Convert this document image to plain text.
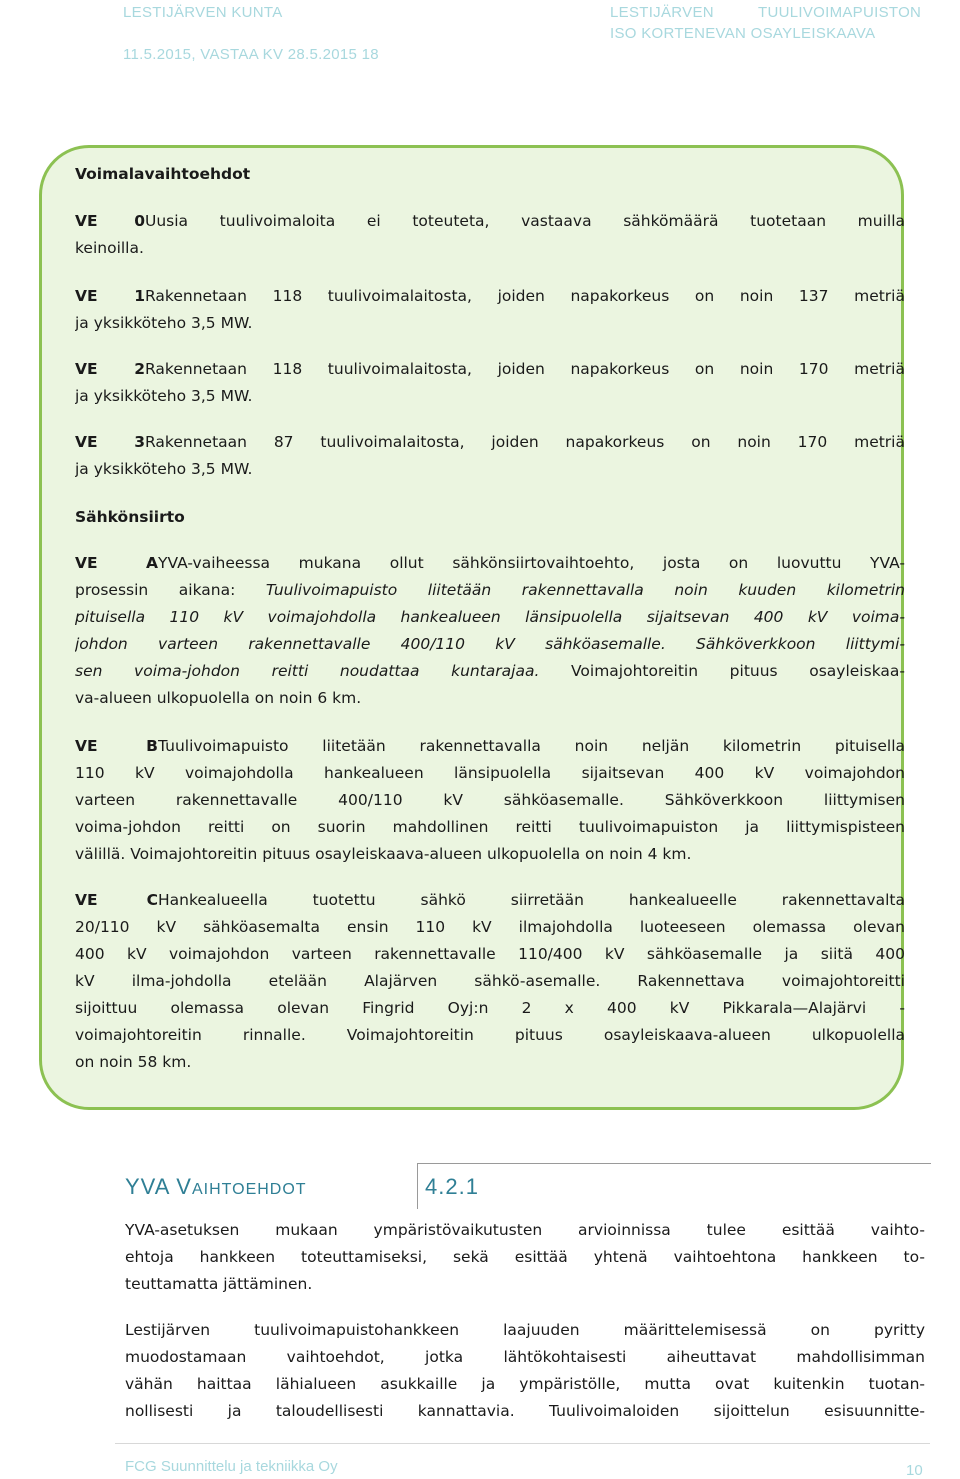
LESTIJÄRVEN KUNTA
11.5.2015, VASTAA KV 28.5.2015 18
LESTIJÄRVEN	TUULIVOIMAPUISTON
ISO KORTENEVAN OSAYLEISKAAVA
Voimalavaihtoehdot
VE 0Uusia tuulivoimaloita ei toteuteta, vastaava sähkömäärä tuotetaan muilla
keinoilla.
VE 1Rakennetaan 118 tuulivoimalaitosta, joiden napakorkeus on noin 137 metriä
ja yksikköteho 3,5 MW.
VE 2Rakennetaan 118 tuulivoimalaitosta, joiden napakorkeus on noin 170 metriä
ja yksikköteho 3,5 MW.
VE 3Rakennetaan 87 tuulivoimalaitosta, joiden napakorkeus on noin 170 metriä
ja yksikköteho 3,5 MW.
Sähkönsiirto
VE AYVA-vaiheessa mukana ollut sähkönsiirtovaihtoehto, josta on luovuttu YVA-
prosessin aikana: Tuulivoimapuisto liitetään rakennettavalla noin kuuden kilometrin
pituisella 110 kV voimajohdolla hankealueen länsipuolella sijaitsevan 400 kV voima-
johdon varteen rakennettavalle 400/110 kV sähköasemalle. Sähköverkkoon liittymi-
sen voima-johdon reitti noudattaa kuntarajaa. Voimajohtoreitin pituus osayleiskaa-
va-alueen ulkopuolella on noin 6 km.
VE BTuulivoimapuisto liitetään rakennettavalla noin neljän kilometrin pituisella
110 kV voimajohdolla hankealueen länsipuolella sijaitsevan 400 kV voimajohdon
varteen rakennettavalle 400/110 kV sähköasemalle. Sähköverkkoon liittymisen
voima-johdon reitti on suorin mahdollinen reitti tuulivoimapuiston ja liittymispisteen
välillä. Voimajohtoreitin pituus osayleiskaava-alueen ulkopuolella on noin 4 km.
VE CHankealueella tuotettu sähkö siirretään hankealueelle rakennettavalta
20/110 kV sähköasemalta ensin 110 kV ilmajohdolla luoteeseen olemassa olevan
400 kV voimajohdon varteen rakennettavalle 110/400 kV sähköasemalle ja siitä 400
kV ilma-johdolla etelään Alajärven sähkö-asemalle. Rakennettava voimajohtoreitti
sijoittuu olemassa olevan Fingrid Oyj:n 2 x 400 kV Pikkarala—Alajärvi -
voimajohtoreitin rinnalle. Voimajohtoreitin pituus osayleiskaava-alueen ulkopuolella
on noin 58 km.
4.2.1
YVA VAIHTOEHDOT
YVA-asetuksen mukaan ympäristövaikutusten arvioinnissa tulee esittää vaihto-
ehtoja hankkeen toteuttamiseksi, sekä esittää yhtenä vaihtoehtona hankkeen to-
teuttamatta jättäminen.
Lestijärven tuulivoimapuistohankkeen laajuuden määrittelemisessä on pyritty
muodostamaan vaihtoehdot, jotka lähtökohtaisesti aiheuttavat mahdollisimman
vähän haittaa lähialueen asukkaille ja ympäristölle, mutta ovat kuitenkin tuotan-
nollisesti ja taloudellisesti kannattavia. Tuulivoimaloiden sijoittelun esisuunnitte-
FCG Suunnittelu ja tekniikka Oy	10
